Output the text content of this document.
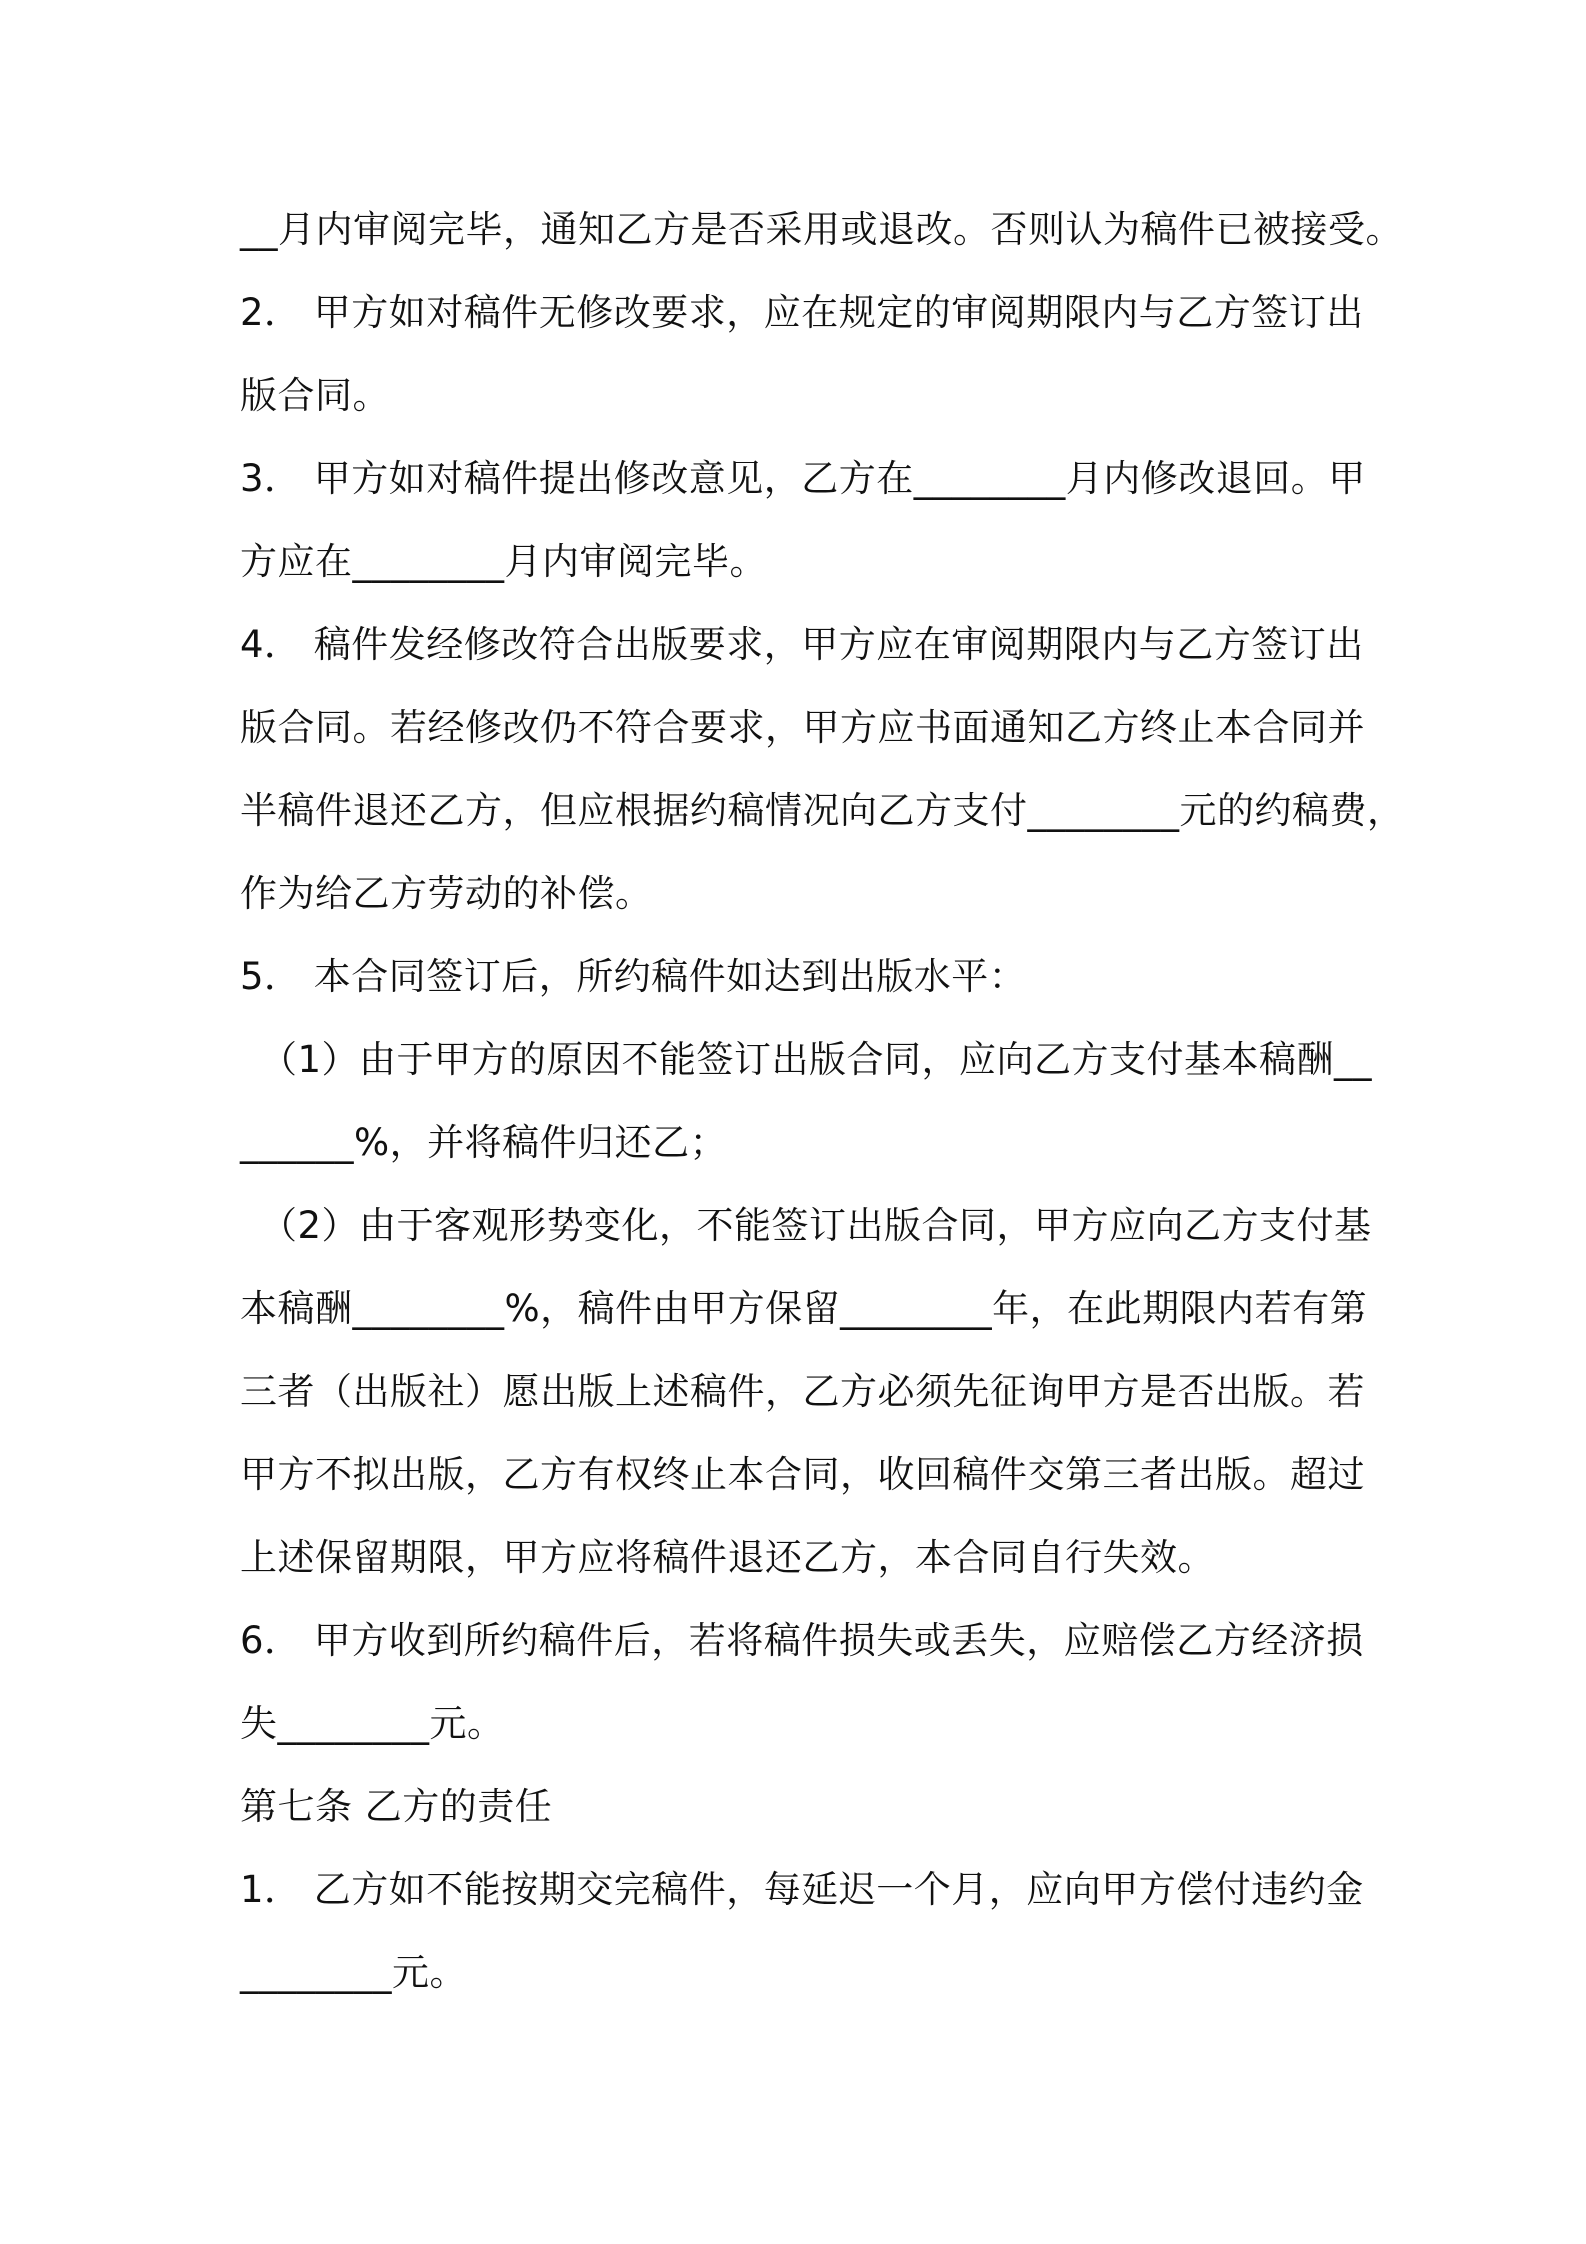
__月内审阅完毕，通知乙方是否采用或退改。否则认为稿件已被接受。
2． 甲方如对稿件无修改要求，应在规定的审阅期限内与乙方签订出
版合同。
3． 甲方如对稿件提出修改意见，乙方在________月内修改退回。甲
方应在________月内审阅完毕。
4． 稿件发经修改符合出版要求，甲方应在审阅期限内与乙方签订出
版合同。若经修改仍不符合要求，甲方应书面通知乙方终止本合同并
半稿件退还乙方，但应根据约稿情况向乙方支付________元的约稿费，
作为给乙方劳动的补偿。
5． 本合同签订后，所约稿件如达到出版水平：
（1）由于甲方的原因不能签订出版合同，应向乙方支付基本稿酬__
______%，并将稿件归还乙；
（2）由于客观形势变化，不能签订出版合同，甲方应向乙方支付基
本稿酬________%，稿件由甲方保留________年，在此期限内若有第
三者（出版社）愿出版上述稿件，乙方必须先征询甲方是否出版。若
甲方不拟出版，乙方有权终止本合同，收回稿件交第三者出版。超过
上述保留期限，甲方应将稿件退还乙方，本合同自行失效。
6． 甲方收到所约稿件后，若将稿件损失或丢失，应赔偿乙方经济损
失________元。
第七条 乙方的责任
1． 乙方如不能按期交完稿件，每延迟一个月，应向甲方偿付违约金
________元。
